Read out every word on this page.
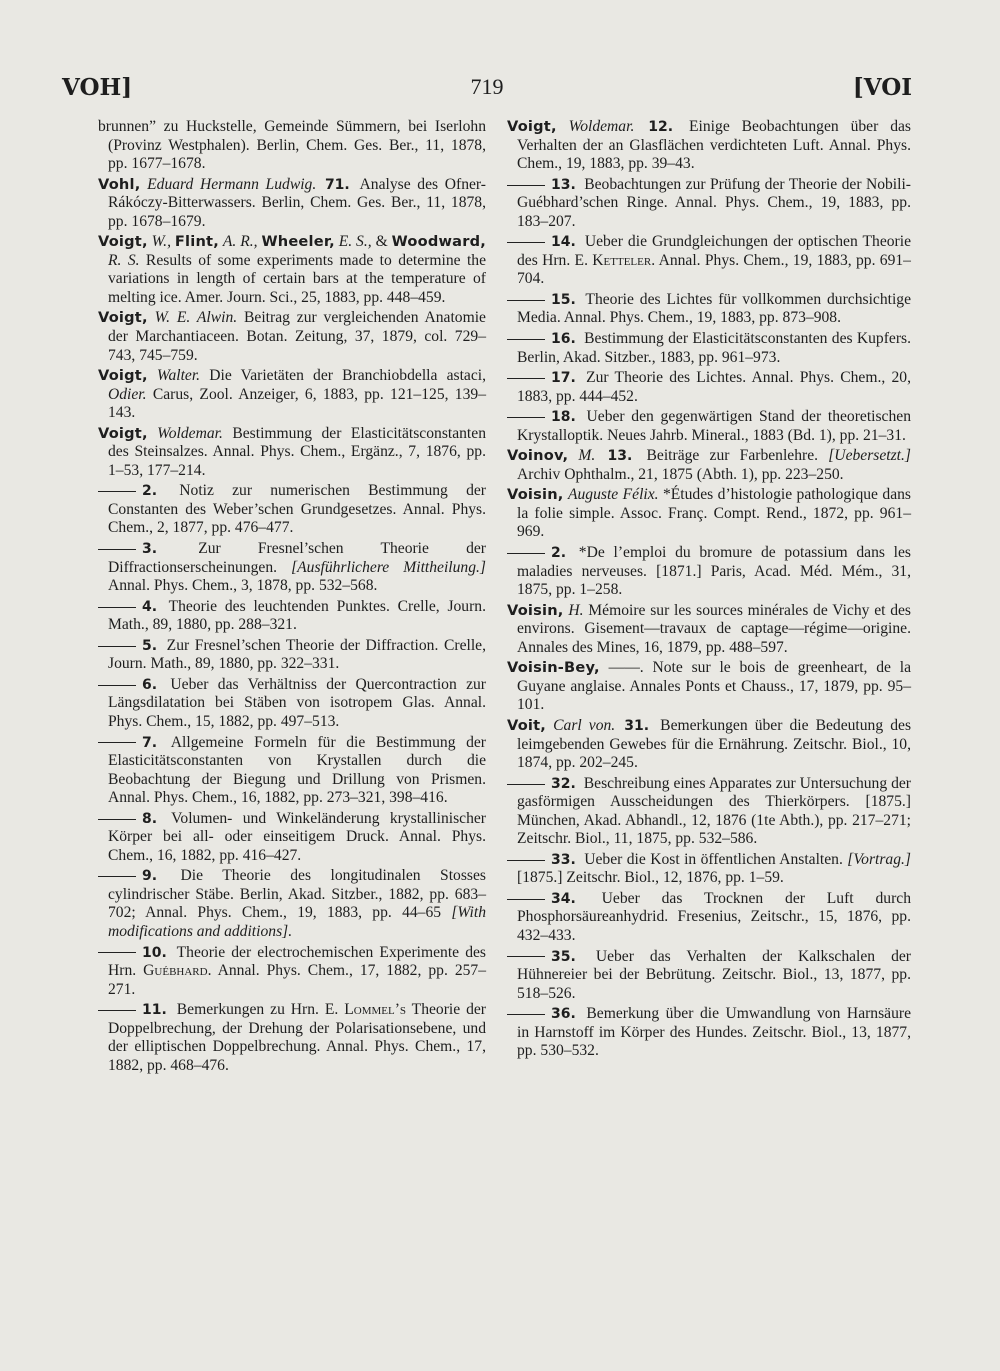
VOH]	719	[VOI

brunnen” zu Huckstelle, Gemeinde Sümmern, bei Iserlohn (Provinz Westphalen). Berlin, Chem. Ges. Ber., 11, 1878, pp. 1677–1678.

Vohl, Eduard Hermann Ludwig. 71. Analyse des Ofner-Rákóczy-Bitterwassers. Berlin, Chem. Ges. Ber., 11, 1878, pp. 1678–1679.

Voigt, W., Flint, A. R., Wheeler, E. S., & Woodward, R. S. Results of some experiments made to determine the variations in length of certain bars at the temperature of melting ice. Amer. Journ. Sci., 25, 1883, pp. 448–459.

Voigt, W. E. Alwin. Beitrag zur vergleichenden Anatomie der Marchantiaceen. Botan. Zeitung, 37, 1879, col. 729–743, 745–759.

Voigt, Walter. Die Varietäten der Branchiobdella astaci, Odier. Carus, Zool. Anzeiger, 6, 1883, pp. 121–125, 139–143.

Voigt, Woldemar. Bestimmung der Elasticitätsconstanten des Steinsalzes. Annal. Phys. Chem., Ergänz., 7, 1876, pp. 1–53, 177–214.

2. Notiz zur numerischen Bestimmung der Constanten des Weber’schen Grundgesetzes. Annal. Phys. Chem., 2, 1877, pp. 476–477.

3.	Zur Fresnel’schen Theorie der Diffractionserscheinungen. [Ausführlichere Mittheilung.] Annal. Phys. Chem., 3, 1878, pp. 532–568.

4. Theorie des leuchtenden Punktes. Crelle, Journ. Math., 89, 1880, pp. 288–321.

5. Zur Fresnel’schen Theorie der Diffraction. Crelle, Journ. Math., 89, 1880, pp. 322–331.

6. Ueber das Verhältniss der Quercontraction zur Längsdilatation bei Stäben von isotropem Glas. Annal. Phys. Chem., 15, 1882, pp. 497–513.

7. Allgemeine Formeln für die Bestimmung der Elasticitätsconstanten von Krystallen durch die Beobachtung der Biegung und Drillung von Prismen. Annal. Phys. Chem., 16, 1882, pp. 273–321, 398–416.

8. Volumen- und Winkeländerung krystallinischer Körper bei all- oder einseitigem Druck. Annal. Phys. Chem., 16, 1882, pp. 416–427.

9. Die Theorie des longitudinalen Stosses cylindrischer Stäbe. Berlin, Akad. Sitzber., 1882, pp. 683–702; Annal. Phys. Chem., 19, 1883, pp. 44–65 [With modifications and additions].

10. Theorie der electrochemischen Experimente des Hrn. Guébhard. Annal. Phys. Chem., 17, 1882, pp. 257–271.

11. Bemerkungen zu Hrn. E. Lommel’s Theorie der Doppelbrechung, der Drehung der Polarisationsebene, und der elliptischen Doppelbrechung. Annal. Phys. Chem., 17, 1882, pp. 468–476.

Voigt, Woldemar. 12. Einige Beobachtungen über das Verhalten der an Glasflächen verdichteten Luft. Annal. Phys. Chem., 19, 1883, pp. 39–43.

13. Beobachtungen zur Prüfung der Theorie der Nobili-Guébhard’schen Ringe. Annal. Phys. Chem., 19, 1883, pp. 183–207.

14. Ueber die Grundgleichungen der optischen Theorie des Hrn. E. Ketteler. Annal. Phys. Chem., 19, 1883, pp. 691–704.

15. Theorie des Lichtes für vollkommen durchsichtige Media. Annal. Phys. Chem., 19, 1883, pp. 873–908.

16. Bestimmung der Elasticitätsconstanten des Kupfers. Berlin, Akad. Sitzber., 1883, pp. 961–973.

17. Zur Theorie des Lichtes. Annal. Phys. Chem., 20, 1883, pp. 444–452.

18. Ueber den gegenwärtigen Stand der theoretischen Krystalloptik. Neues Jahrb. Mineral., 1883 (Bd. 1), pp. 21–31.

Voinov, M. 13. Beiträge zur Farbenlehre. [Uebersetzt.] Archiv Ophthalm., 21, 1875 (Abth. 1), pp. 223–250.

Voisin, Auguste Félix. *Études d’histologie pathologique dans la folie simple. Assoc. Franç. Compt. Rend., 1872, pp. 961–969.

2. *De l’emploi du bromure de potassium dans les maladies nerveuses. [1871.] Paris, Acad. Méd. Mém., 31, 1875, pp. 1–258.

Voisin, H. Mémoire sur les sources minérales de Vichy et des environs. Gisement—travaux de captage—régime—origine. Annales des Mines, 16, 1879, pp. 488–597.

Voisin-Bey, ——. Note sur le bois de greenheart, de la Guyane anglaise. Annales Ponts et Chauss., 17, 1879, pp. 95–101.

Voit, Carl von. 31. Bemerkungen über die Bedeutung des leimgebenden Gewebes für die Ernährung. Zeitschr. Biol., 10, 1874, pp. 202–245.

32. Beschreibung eines Apparates zur Untersuchung der gasförmigen Ausscheidungen des Thierkörpers. [1875.] München, Akad. Abhandl., 12, 1876 (1te Abth.), pp. 217–271; Zeitschr. Biol., 11, 1875, pp. 532–586.

33. Ueber die Kost in öffentlichen Anstalten. [Vortrag.] [1875.] Zeitschr. Biol., 12, 1876, pp. 1–59.

34. Ueber das Trocknen der Luft durch Phosphorsäureanhydrid. Fresenius, Zeitschr., 15, 1876, pp. 432–433.

35. Ueber das Verhalten der Kalkschalen der Hühnereier bei der Bebrütung. Zeitschr. Biol., 13, 1877, pp. 518–526.

36. Bemerkung über die Umwandlung von Harnsäure in Harnstoff im Körper des Hundes. Zeitschr. Biol., 13, 1877, pp. 530–532.
